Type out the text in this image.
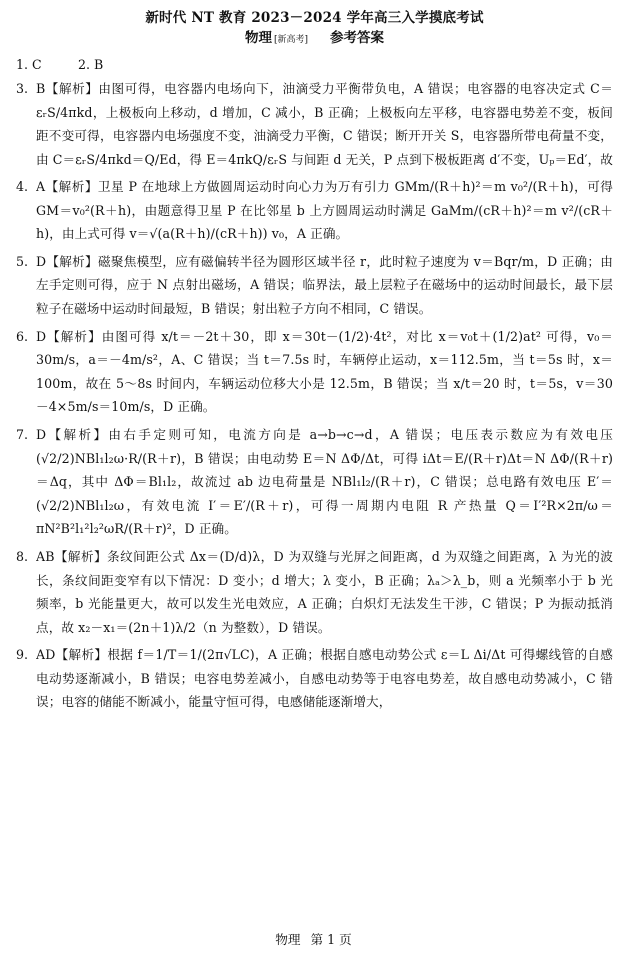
新时代 NT 教育 2023－2024 学年高三入学摸底考试
物理 [新高考] 参考答案
1. C	2. B
3. B【解析】由图可得，电容器内电场向下，油滴受力平衡带负电，A 错误；电容器的电容决定式 C＝εᵣS/4πkd，上极板向上移动，d 增加，C 减小，B 正确；上极板向左平移，电容器电势差不变，板间距不变可得，电容器内电场强度不变，油滴受力平衡，C 错误；断开开关 S，电容器所带电荷量不变，由 C＝εᵣS/4πkd＝Q/Ed，得 E＝4πkQ/εᵣS 与间距 d 无关，P 点到下极板距离 d′不变，Uₚ＝Ed′，故
4. A【解析】卫星 P 在地球上方做圆周运动时向心力为万有引力 GMm/(R＋h)²＝m v₀²/(R＋h)，可得 GM＝v₀²(R＋h)，由题意得卫星 P 在比邻星 b 上方圆周运动时满足 GaMm/(cR＋h)²＝m v²/(cR＋h)，由上式可得 v＝√(a(R＋h)/(cR＋h)) v₀，A 正确。
5. D【解析】磁聚焦模型，应有磁偏转半径为圆形区域半径 r，此时粒子速度为 v＝Bqr/m，D 正确；由左手定则可得，应于 N 点射出磁场，A 错误；临界法，最上层粒子在磁场中的运动时间最长，最下层粒子在磁场中运动时间最短，B 错误；射出粒子方向不相同，C 错误。
6. D【解析】由图可得 x/t＝－2t＋30，即 x＝30t－(1/2)·4t²，对比 x＝v₀t＋(1/2)at² 可得，v₀＝30m/s，a＝－4m/s²，A、C 错误；当 t＝7.5s 时，车辆停止运动，x＝112.5m，当 t＝5s 时，x＝100m，故在 5～8s 时间内，车辆运动位移大小是 12.5m，B 错误；当 x/t＝20 时，t＝5s，v＝30－4×5m/s＝10m/s，D 正确。
7. D【解析】由右手定则可知，电流方向是 a→b→c→d，A 错误；电压表示数应为有效电压 (√2/2)NBl₁l₂ω·R/(R＋r)，B 错误；由电动势 E＝N ΔΦ/Δt，可得 iΔt＝E/(R＋r)Δt＝N ΔΦ/(R＋r)＝Δq，其中 ΔΦ＝Bl₁l₂，故流过 ab 边电荷量是 NBl₁l₂/(R＋r)，C 错误；总电路有效电压 E′＝(√2/2)NBl₁l₂ω，有效电流 I′＝E′/(R＋r)，可得一周期内电阻 R 产热量 Q＝I′²R×2π/ω＝πN²B²l₁²l₂²ωR/(R＋r)²，D 正确。
8. AB【解析】条纹间距公式 Δx＝(D/d)λ，D 为双缝与光屏之间距离，d 为双缝之间距离，λ 为光的波长，条纹间距变窄有以下情况：D 变小；d 增大；λ 变小，B 正确；λₐ＞λ_b，则 a 光频率小于 b 光频率，b 光能量更大，故可以发生光电效应，A 正确；白炽灯无法发生干涉，C 错误；P 为振动抵消点，故 x₂－x₁＝(2n＋1)λ/2（n 为整数），D 错误。
9. AD【解析】根据 f＝1/T＝1/(2π√LC)，A 正确；根据自感电动势公式 ε＝L Δi/Δt 可得螺线管的自感电动势逐渐减小，B 错误；电容电势差减小，自感电动势等于电容电势差，故自感电动势减小，C 错误；电容的储能不断减小，能量守恒可得，电感储能逐渐增大，
物理 第 1 页
